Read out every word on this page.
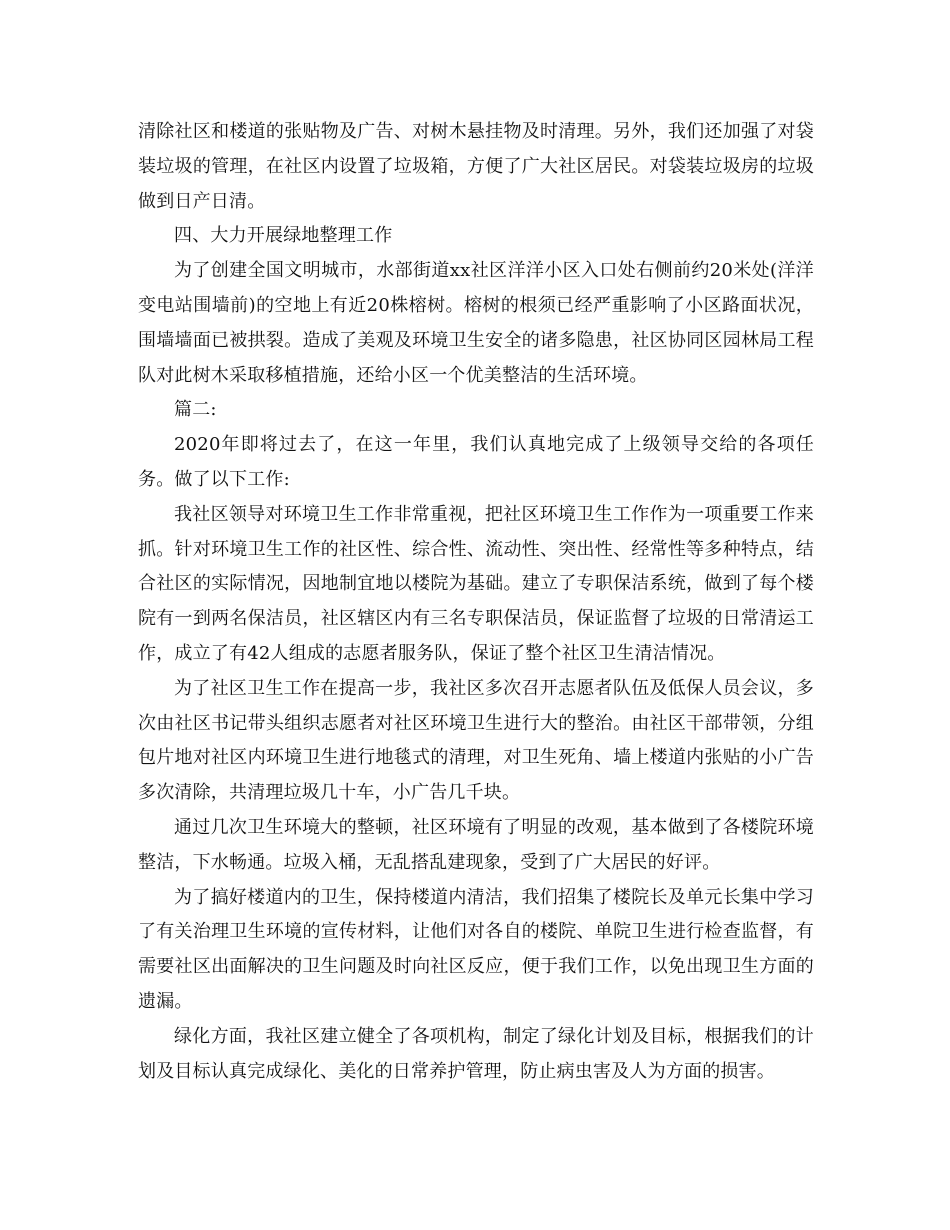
清除社区和楼道的张贴物及广告、对树木悬挂物及时清理。另外，我们还加强了对袋装垃圾的管理，在社区内设置了垃圾箱，方便了广大社区居民。对袋装垃圾房的垃圾做到日产日清。

四、大力开展绿地整理工作

为了创建全国文明城市，水部街道xx社区洋洋小区入口处右侧前约20米处(洋洋变电站围墙前)的空地上有近20株榕树。榕树的根须已经严重影响了小区路面状况，围墙墙面已被拱裂。造成了美观及环境卫生安全的诸多隐患，社区协同区园林局工程队对此树木采取移植措施，还给小区一个优美整洁的生活环境。

篇二:

2020年即将过去了，在这一年里，我们认真地完成了上级领导交给的各项任务。做了以下工作:

我社区领导对环境卫生工作非常重视，把社区环境卫生工作作为一项重要工作来抓。针对环境卫生工作的社区性、综合性、流动性、突出性、经常性等多种特点，结合社区的实际情况，因地制宜地以楼院为基础。建立了专职保洁系统，做到了每个楼院有一到两名保洁员，社区辖区内有三名专职保洁员，保证监督了垃圾的日常清运工作，成立了有42人组成的志愿者服务队，保证了整个社区卫生清洁情况。

为了社区卫生工作在提高一步，我社区多次召开志愿者队伍及低保人员会议，多次由社区书记带头组织志愿者对社区环境卫生进行大的整治。由社区干部带领，分组包片地对社区内环境卫生进行地毯式的清理，对卫生死角、墙上楼道内张贴的小广告多次清除，共清理垃圾几十车，小广告几千块。

通过几次卫生环境大的整顿，社区环境有了明显的改观，基本做到了各楼院环境整洁，下水畅通。垃圾入桶，无乱搭乱建现象，受到了广大居民的好评。

为了搞好楼道内的卫生，保持楼道内清洁，我们招集了楼院长及单元长集中学习了有关治理卫生环境的宣传材料，让他们对各自的楼院、单院卫生进行检查监督，有需要社区出面解决的卫生问题及时向社区反应，便于我们工作，以免出现卫生方面的遗漏。

绿化方面，我社区建立健全了各项机构，制定了绿化计划及目标，根据我们的计划及目标认真完成绿化、美化的日常养护管理，防止病虫害及人为方面的损害。
